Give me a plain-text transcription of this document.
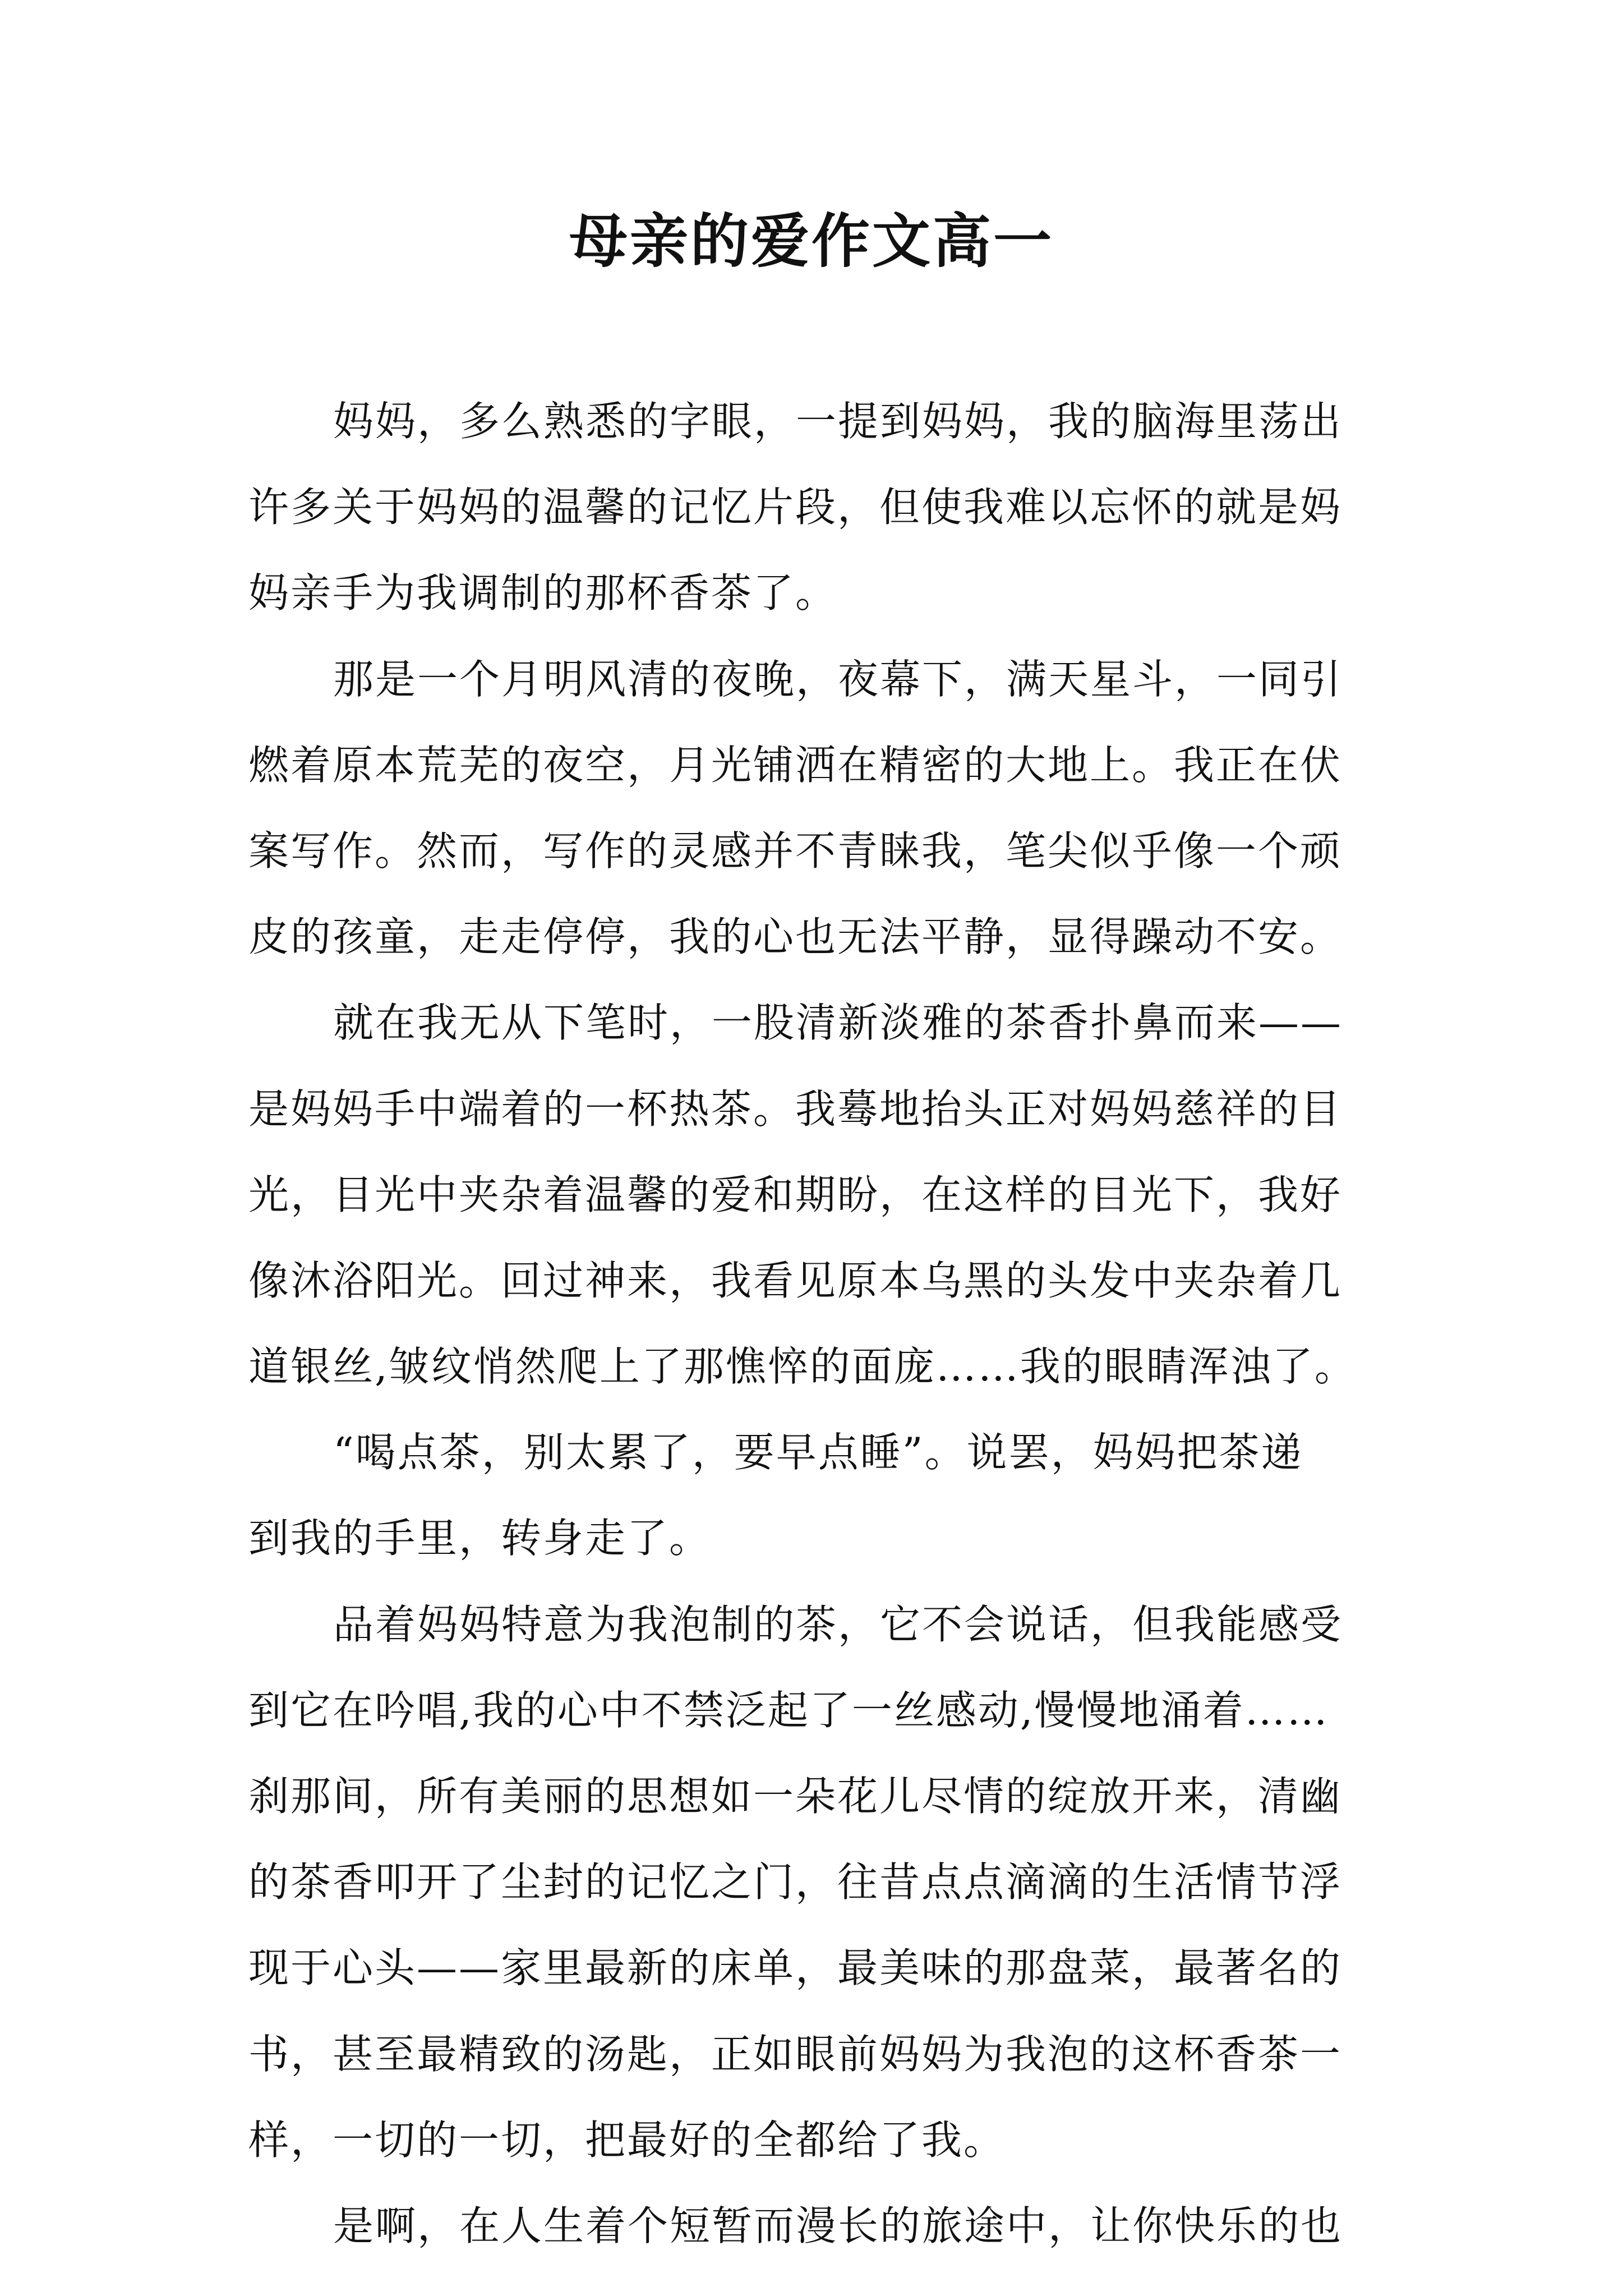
母亲的爱作文高一
妈妈，多么熟悉的字眼，一提到妈妈，我的脑海里荡出
许多关于妈妈的温馨的记忆片段，但使我难以忘怀的就是妈
妈亲手为我调制的那杯香茶了。
那是一个月明风清的夜晚，夜幕下，满天星斗，一同引
燃着原本荒芜的夜空，月光铺洒在精密的大地上。我正在伏
案写作。然而，写作的灵感并不青睐我，笔尖似乎像一个顽
皮的孩童，走走停停，我的心也无法平静，显得躁动不安。
就在我无从下笔时，一股清新淡雅的茶香扑鼻而来——
是妈妈手中端着的一杯热茶。我蓦地抬头正对妈妈慈祥的目
光，目光中夹杂着温馨的爱和期盼，在这样的目光下，我好
像沐浴阳光。回过神来，我看见原本乌黑的头发中夹杂着几
道银丝,皱纹悄然爬上了那憔悴的面庞……我的眼睛浑浊了。
“喝点茶，别太累了，要早点睡”。说罢，妈妈把茶递
到我的手里，转身走了。
品着妈妈特意为我泡制的茶，它不会说话，但我能感受
到它在吟唱,我的心中不禁泛起了一丝感动,慢慢地涌着……
刹那间，所有美丽的思想如一朵花儿尽情的绽放开来，清幽
的茶香叩开了尘封的记忆之门，往昔点点滴滴的生活情节浮
现于心头——家里最新的床单，最美味的那盘菜，最著名的
书，甚至最精致的汤匙，正如眼前妈妈为我泡的这杯香茶一
样，一切的一切，把最好的全都给了我。
是啊，在人生着个短暂而漫长的旅途中，让你快乐的也
